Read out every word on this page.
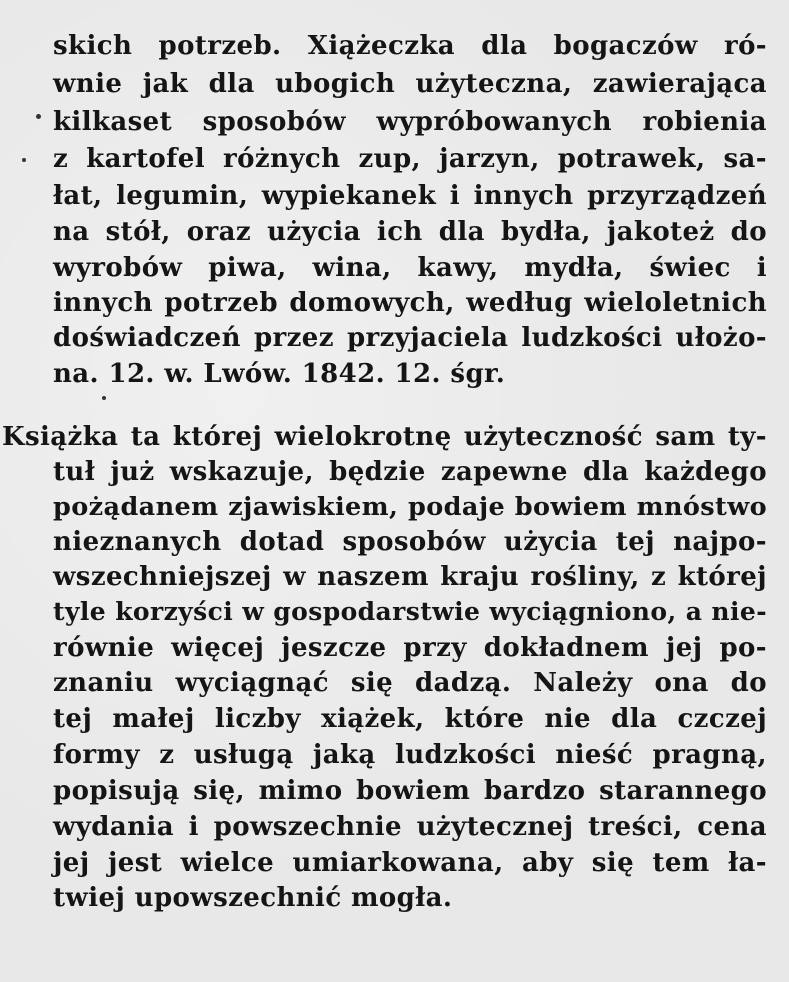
skich potrzeb. Xiążeczka dla bogaczów ró-
wnie jak dla ubogich użyteczna, zawierająca
kilkaset sposobów wypróbowanych robienia
z kartofel różnych zup, jarzyn, potrawek, sa-
łat, legumin, wypiekanek i innych przyrządzeń
na stół, oraz użycia ich dla bydła, jakoteż do
wyrobów piwa, wina, kawy, mydła, świec i
innych potrzeb domowych, według wieloletnich
doświadczeń przez przyjaciela ludzkości ułożo-
na. 12. w. Lwów. 1842. 12. śgr.
Książka ta której wielokrotnę użyteczność sam ty-
tuł już wskazuje, będzie zapewne dla każdego
pożądanem zjawiskiem, podaje bowiem mnóstwo
nieznanych dotad sposobów użycia tej najpo-
wszechniejszej w naszem kraju rośliny, z której
tyle korzyści w gospodarstwie wyciągniono, a nie-
równie więcej jeszcze przy dokładnem jej po-
znaniu wyciągnąć się dadzą. Należy ona do
tej małej liczby xiążek, które nie dla czczej
formy z usługą jaką ludzkości nieść pragną,
popisują się, mimo bowiem bardzo starannego
wydania i powszechnie użytecznej treści, cena
jej jest wielce umiarkowana, aby się tem ła-
twiej upowszechnić mogła.
